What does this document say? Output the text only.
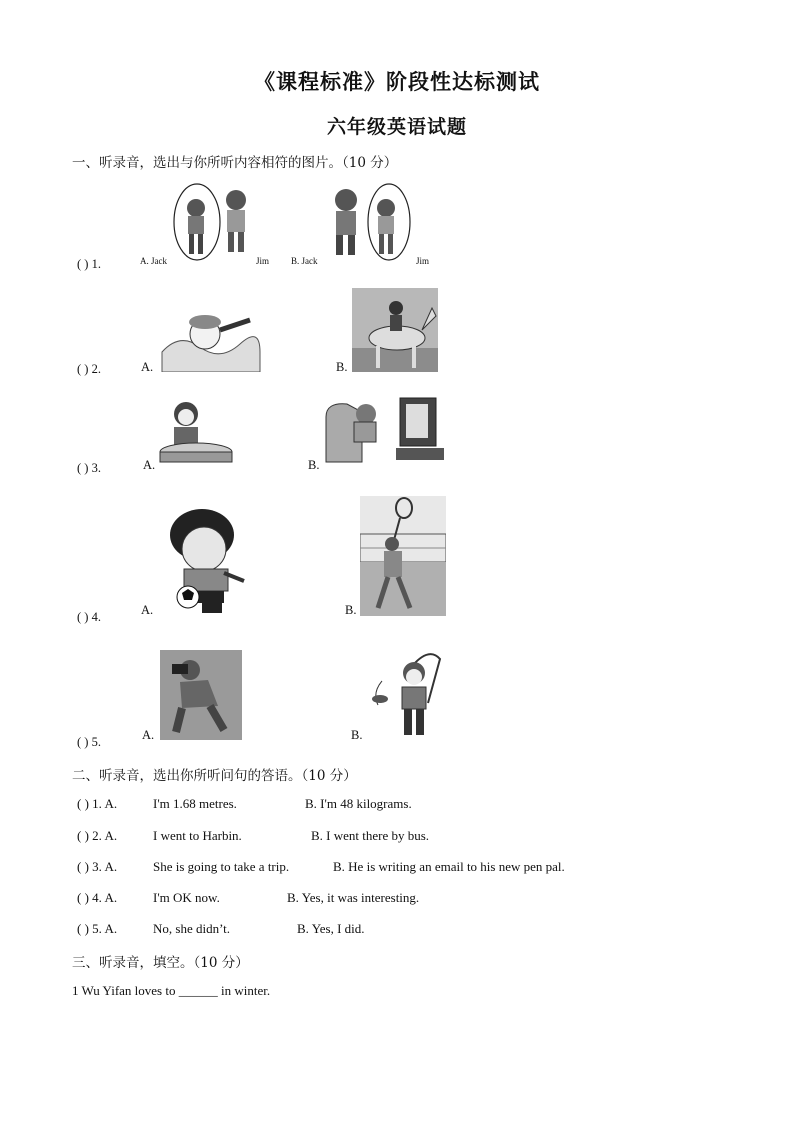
《课程标准》阶段性达标测试
六年级英语试题
一、听录音，选出与你所听内容相符的图片。（10 分）
( ) 1.	A. Jack	Jim B. Jack	Jim
( ) 2.	A.	B.
( ) 3.	A.	B.
( ) 4.	A.	B.
( ) 5.	A.	B.
二、听录音，选出你所听问句的答语。（10 分）
( ) 1. A.	I'm 1.68 metres.	B. I'm 48 kilograms.
( ) 2. A.	I went to Harbin.	B. I went there by bus.
( ) 3. A.	She is going to take a trip.	B. He is writing an email to his new pen pal.
( ) 4. A.	I'm OK now.	B. Yes, it was interesting.
( ) 5. A.	No, she didn’t.	B. Yes, I did.
三、听录音，填空。（10 分）
1 Wu Yifan loves to ______ in winter.
